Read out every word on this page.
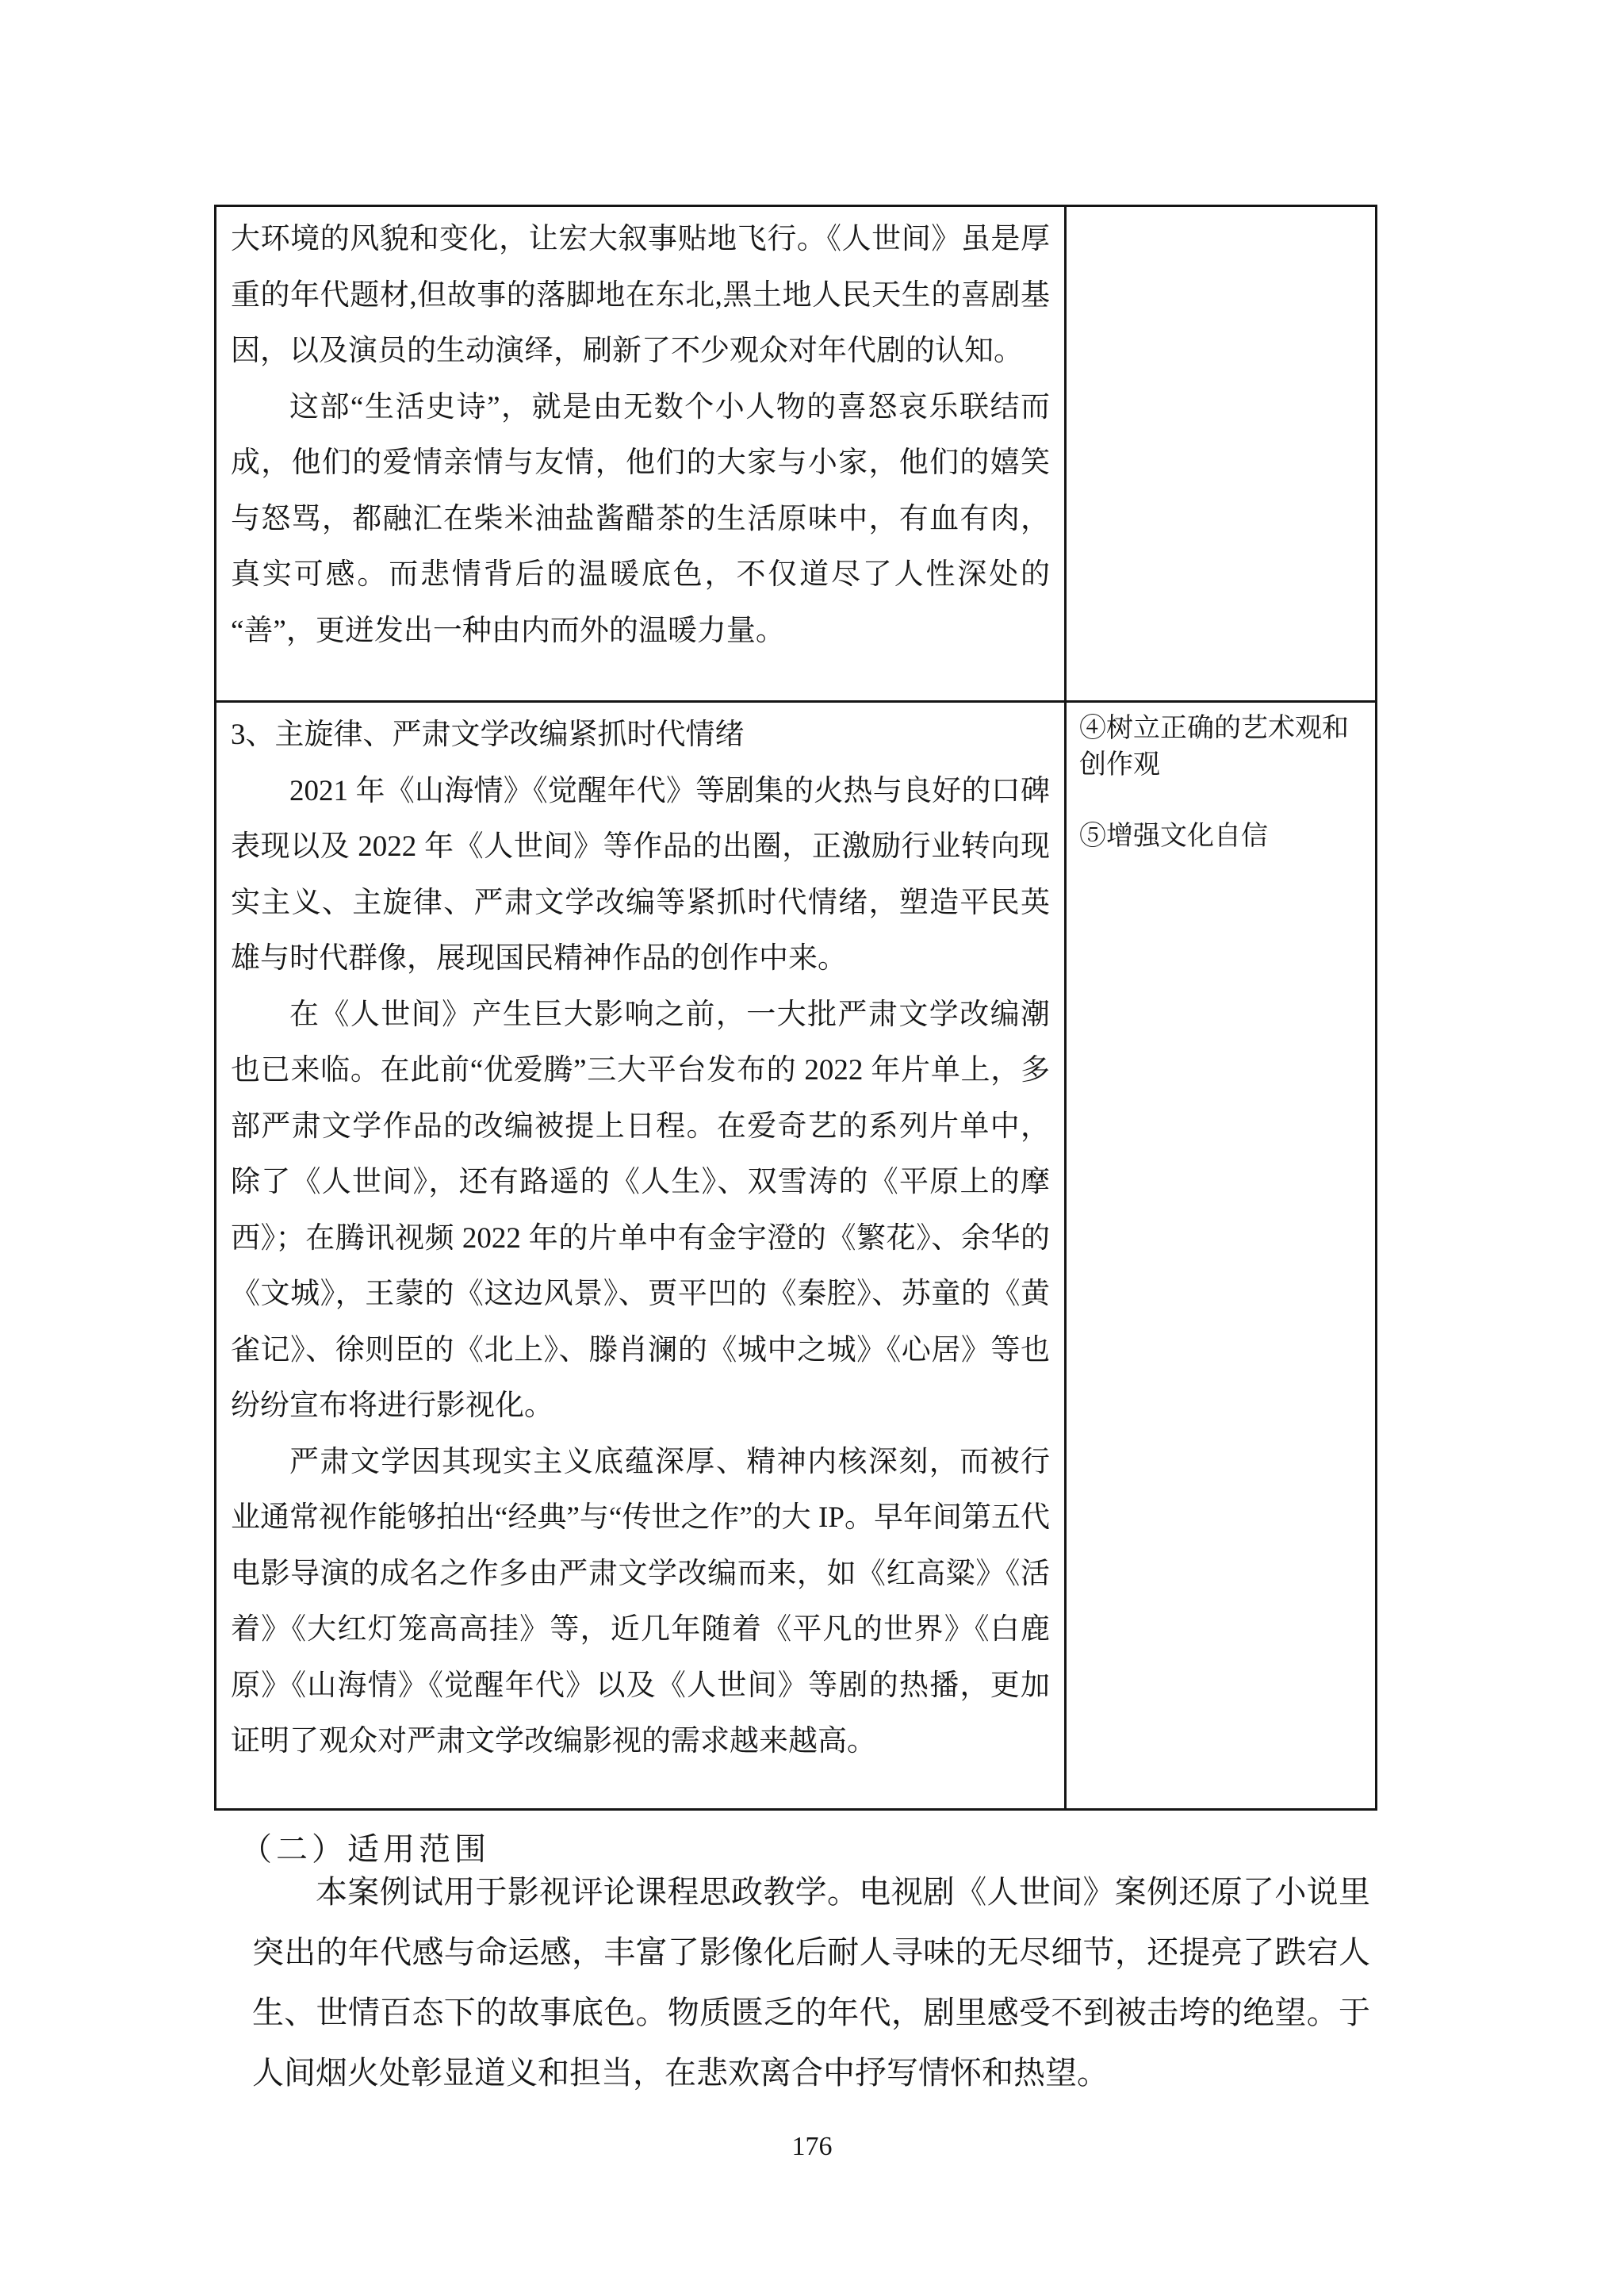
大环境的风貌和变化，让宏大叙事贴地飞行。《人世间》虽是厚重的年代题材,但故事的落脚地在东北,黑土地人民天生的喜剧基因，以及演员的生动演绎，刷新了不少观众对年代剧的认知。

这部“生活史诗”，就是由无数个小人物的喜怒哀乐联结而成，他们的爱情亲情与友情，他们的大家与小家，他们的嬉笑与怒骂，都融汇在柴米油盐酱醋茶的生活原味中，有血有肉，真实可感。而悲情背后的温暖底色，不仅道尽了人性深处的“善”，更迸发出一种由内而外的温暖力量。

3、主旋律、严肃文学改编紧抓时代情绪

2021 年《山海情》《觉醒年代》等剧集的火热与良好的口碑表现以及 2022 年《人世间》等作品的出圈，正激励行业转向现实主义、主旋律、严肃文学改编等紧抓时代情绪，塑造平民英雄与时代群像，展现国民精神作品的创作中来。

在《人世间》产生巨大影响之前，一大批严肃文学改编潮也已来临。在此前“优爱腾”三大平台发布的 2022 年片单上，多部严肃文学作品的改编被提上日程。在爱奇艺的系列片单中，除了《人世间》，还有路遥的《人生》、双雪涛的《平原上的摩西》；在腾讯视频 2022 年的片单中有金宇澄的《繁花》、余华的《文城》，王蒙的《这边风景》、贾平凹的《秦腔》、苏童的《黄雀记》、徐则臣的《北上》、滕肖澜的《城中之城》《心居》等也纷纷宣布将进行影视化。

严肃文学因其现实主义底蕴深厚、精神内核深刻，而被行业通常视作能够拍出“经典”与“传世之作”的大 IP。早年间第五代电影导演的成名之作多由严肃文学改编而来，如《红高粱》《活着》《大红灯笼高高挂》等，近几年随着《平凡的世界》《白鹿原》《山海情》《觉醒年代》以及《人世间》等剧的热播，更加证明了观众对严肃文学改编影视的需求越来越高。

④树立正确的艺术观和创作观
⑤增强文化自信
（二）适用范围

本案例试用于影视评论课程思政教学。电视剧《人世间》案例还原了小说里突出的年代感与命运感，丰富了影像化后耐人寻味的无尽细节，还提亮了跌宕人生、世情百态下的故事底色。物质匮乏的年代，剧里感受不到被击垮的绝望。于人间烟火处彰显道义和担当，在悲欢离合中抒写情怀和热望。

176
